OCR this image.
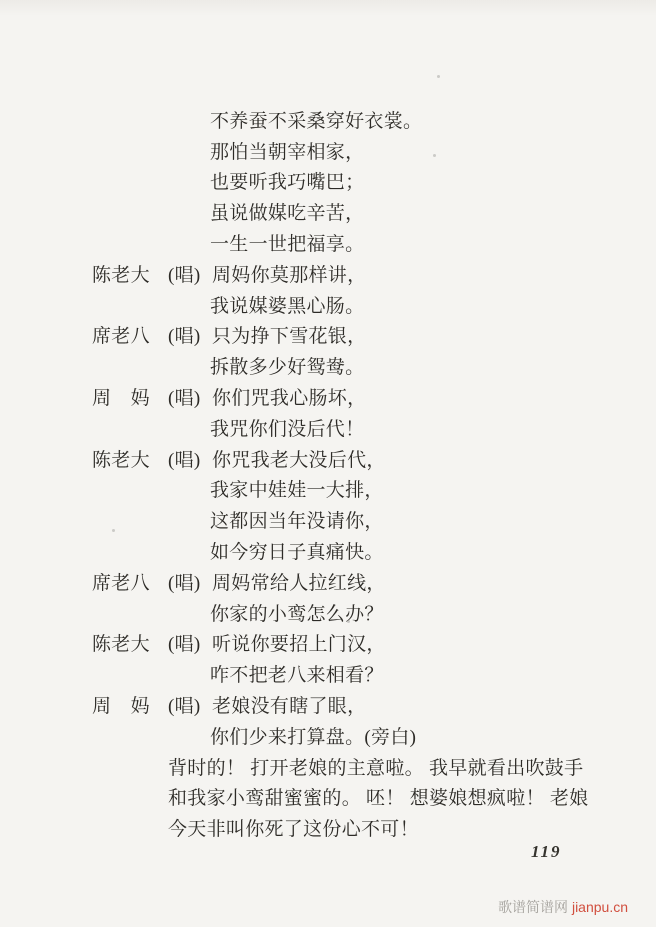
不养蚕不采桑穿好衣裳。
那怕当朝宰相家，
也要听我巧嘴巴；
虽说做媒吃辛苦，
一生一世把福享。
陈老大 (唱) 周妈你莫那样讲，
我说媒婆黑心肠。
席老八 (唱) 只为挣下雪花银，
拆散多少好鸳鸯。
周　妈 (唱) 你们咒我心肠坏，
我咒你们没后代！
陈老大 (唱) 你咒我老大没后代，
我家中娃娃一大排，
这都因当年没请你，
如今穷日子真痛快。
席老八 (唱) 周妈常给人拉红线，
你家的小鸾怎么办？
陈老大 (唱) 听说你要招上门汉，
咋不把老八来相看？
周　妈 (唱) 老娘没有瞎了眼，
你们少来打算盘。(旁白)
背时的！ 打开老娘的主意啦。 我早就看出吹鼓手
和我家小鸾甜蜜蜜的。 呸！ 想婆娘想疯啦！ 老娘
今天非叫你死了这份心不可！
119
歌谱简谱网 jianpu.cn
